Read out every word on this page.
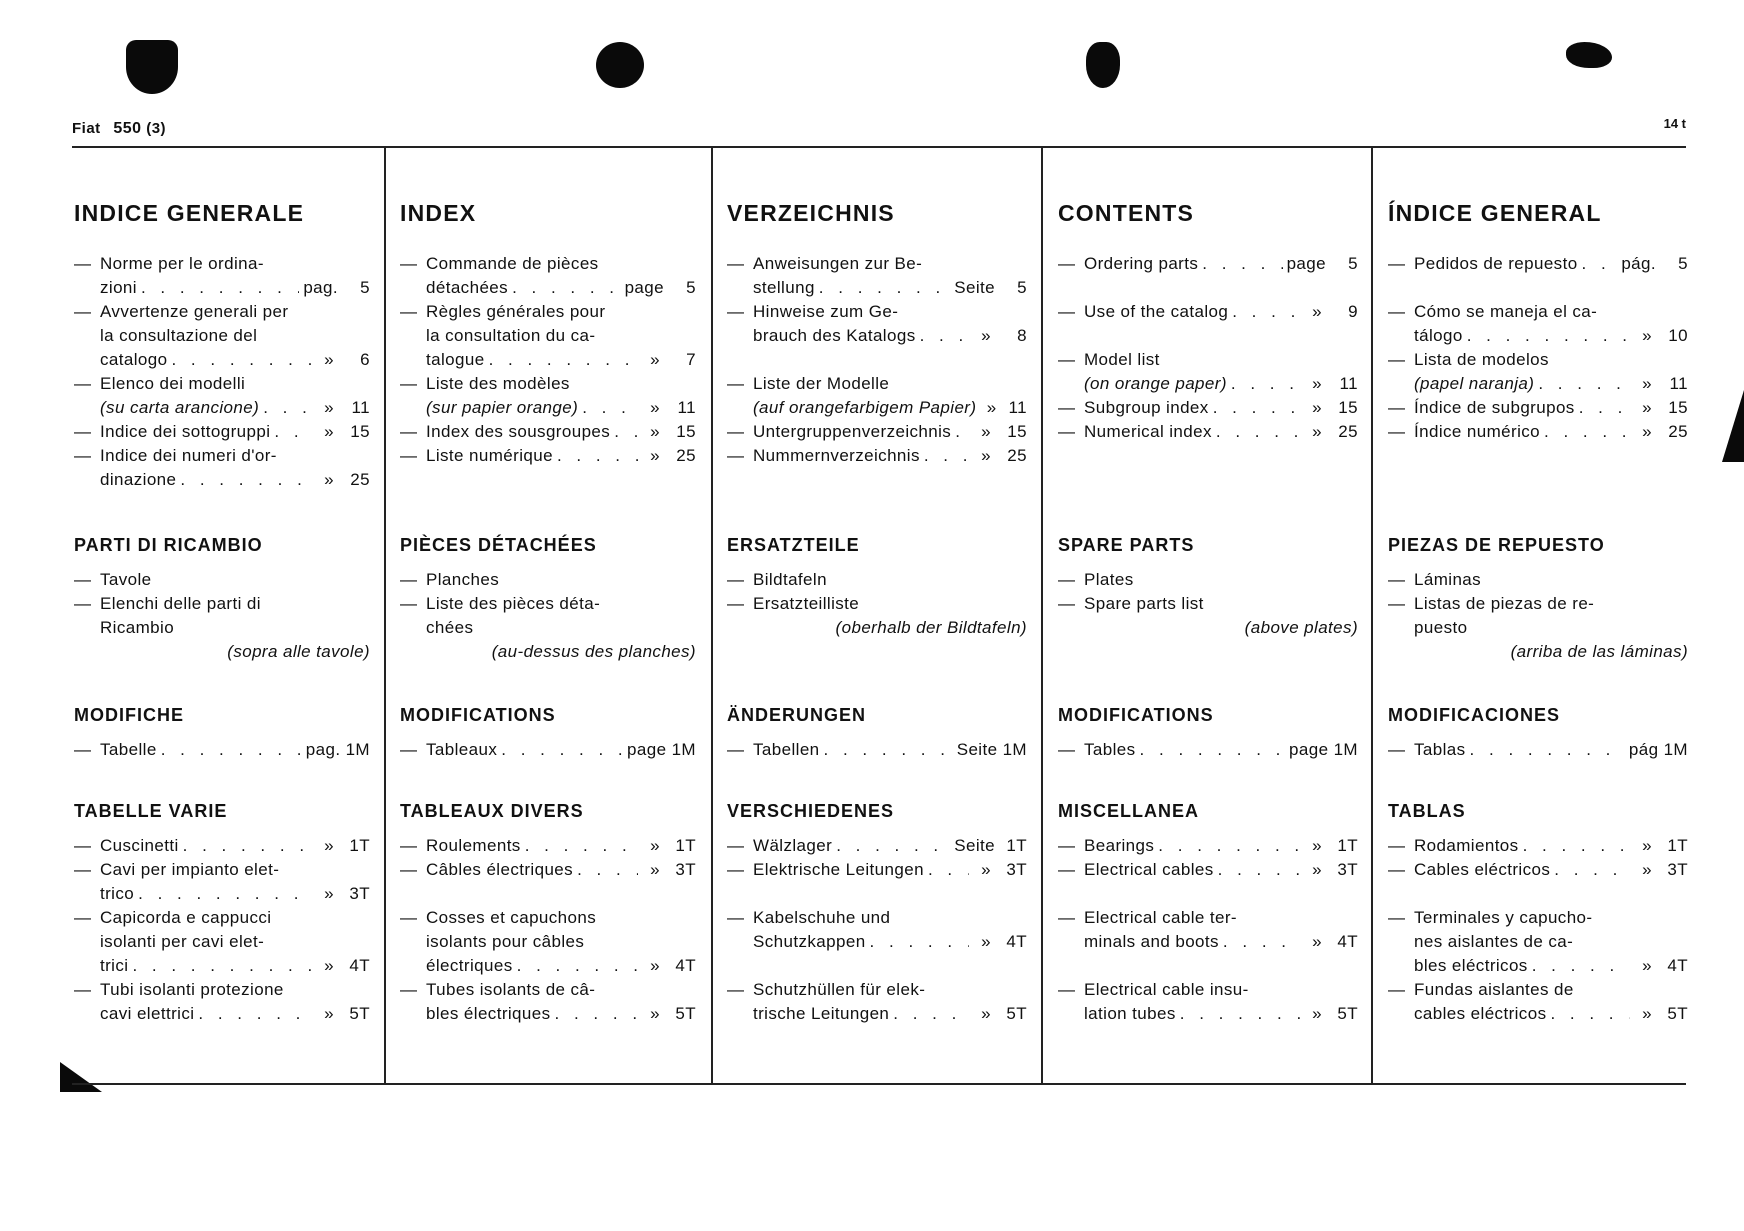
Fiat 550 (3)	14 t
INDICE GENERALE
— Norme per le ordina-
zioni . . .	pag.	5
— Avvertenze generali per
la consultazione del
catalogo . . .	»	6
— Elenco dei modelli
(su carta arancione) . . .	»	11
— Indice dei sottogruppi . . .	» 15
— Indice dei numeri d'or-
dinazione . . .	» 25
PARTI DI RICAMBIO
— Tavole
— Elenchi delle parti di
Ricambio
(sopra alle tavole)
MODIFICHE
— Tabelle . . .	pag. 1M
TABELLE VARIE
— Cuscinetti . . .	» 1T
— Cavi per impianto elet-
trico . . .	» 3T
— Capicorda e cappucci
isolanti per cavi elet-
trici . . .	» 4T
— Tubi isolanti protezione
cavi elettrici . . .	» 5T
INDEX
— Commande de pièces
détachées . . .	page	5
— Règles générales pour
la consultation du ca-
talogue . . .	»	7
— Liste des modèles
(sur papier orange) . . .	»	11
— Index des sousgroupes . . .	» 15
— Liste numérique . . .	» 25
PIÈCES DÉTACHÉES
— Planches
— Liste des pièces déta-
chées
(au-dessus des planches)
MODIFICATIONS
— Tableaux . . .	page 1M
TABLEAUX DIVERS
— Roulements . . .	» 1T
— Câbles électriques . . .	» 3T
— Cosses et capuchons
isolants pour câbles
électriques . . .	» 4T
— Tubes isolants de câ-
bles électriques . . .	» 5T
VERZEICHNIS
— Anweisungen zur Be-
stellung . . .	Seite	5
— Hinweise zum Ge-
brauch des Katalogs . . .	»	8
— Liste der Modelle
(auf orangefarbigem Papier) » 11
— Untergruppenverzeichnis . . .	» 15
— Nummernverzeichnis . . .	» 25
ERSATZTEILE
— Bildtafeln
— Ersatzteilliste
(oberhalb der Bildtafeln)
ÄNDERUNGEN
— Tabellen . . .	Seite 1M
VERSCHIEDENES
— Wälzlager . . .	Seite 1T
— Elektrische Leitungen . . .	» 3T
— Kabelschuhe und
Schutzkappen . . .	» 4T
— Schutzhüllen für elek-
trische Leitungen . . .	» 5T
CONTENTS
— Ordering parts . . .	page	5
— Use of the catalog . . .	»	9
— Model list
(on orange paper) . . .	»	11
— Subgroup index . . .	» 15
— Numerical index . . .	» 25
SPARE PARTS
— Plates
— Spare parts list
(above plates)
MODIFICATIONS
— Tables . . .	page 1M
MISCELLANEA
— Bearings . . .	» 1T
— Electrical cables . . .	» 3T
— Electrical cable ter-
minals and boots . . .	» 4T
— Electrical cable insu-
lation tubes . . .	» 5T
ÍNDICE GENERAL
— Pedidos de repuesto . . .	pág.	5
— Cómo se maneja el ca-
tálogo . . .	» 10
— Lista de modelos
(papel naranja) . . .	»	11
— Índice de subgrupos . . .	» 15
— Índice numérico . . .	» 25
PIEZAS DE REPUESTO
— Láminas
— Listas de piezas de re-
puesto
(arriba de las láminas)
MODIFICACIONES
— Tablas . . .	pág 1M
TABLAS
— Rodamientos . . .	» 1T
— Cables eléctricos . . .	» 3T
— Terminales y capucho-
nes aislantes de ca-
bles eléctricos . . .	» 4T
— Fundas aislantes de
cables eléctricos . . .	» 5T
